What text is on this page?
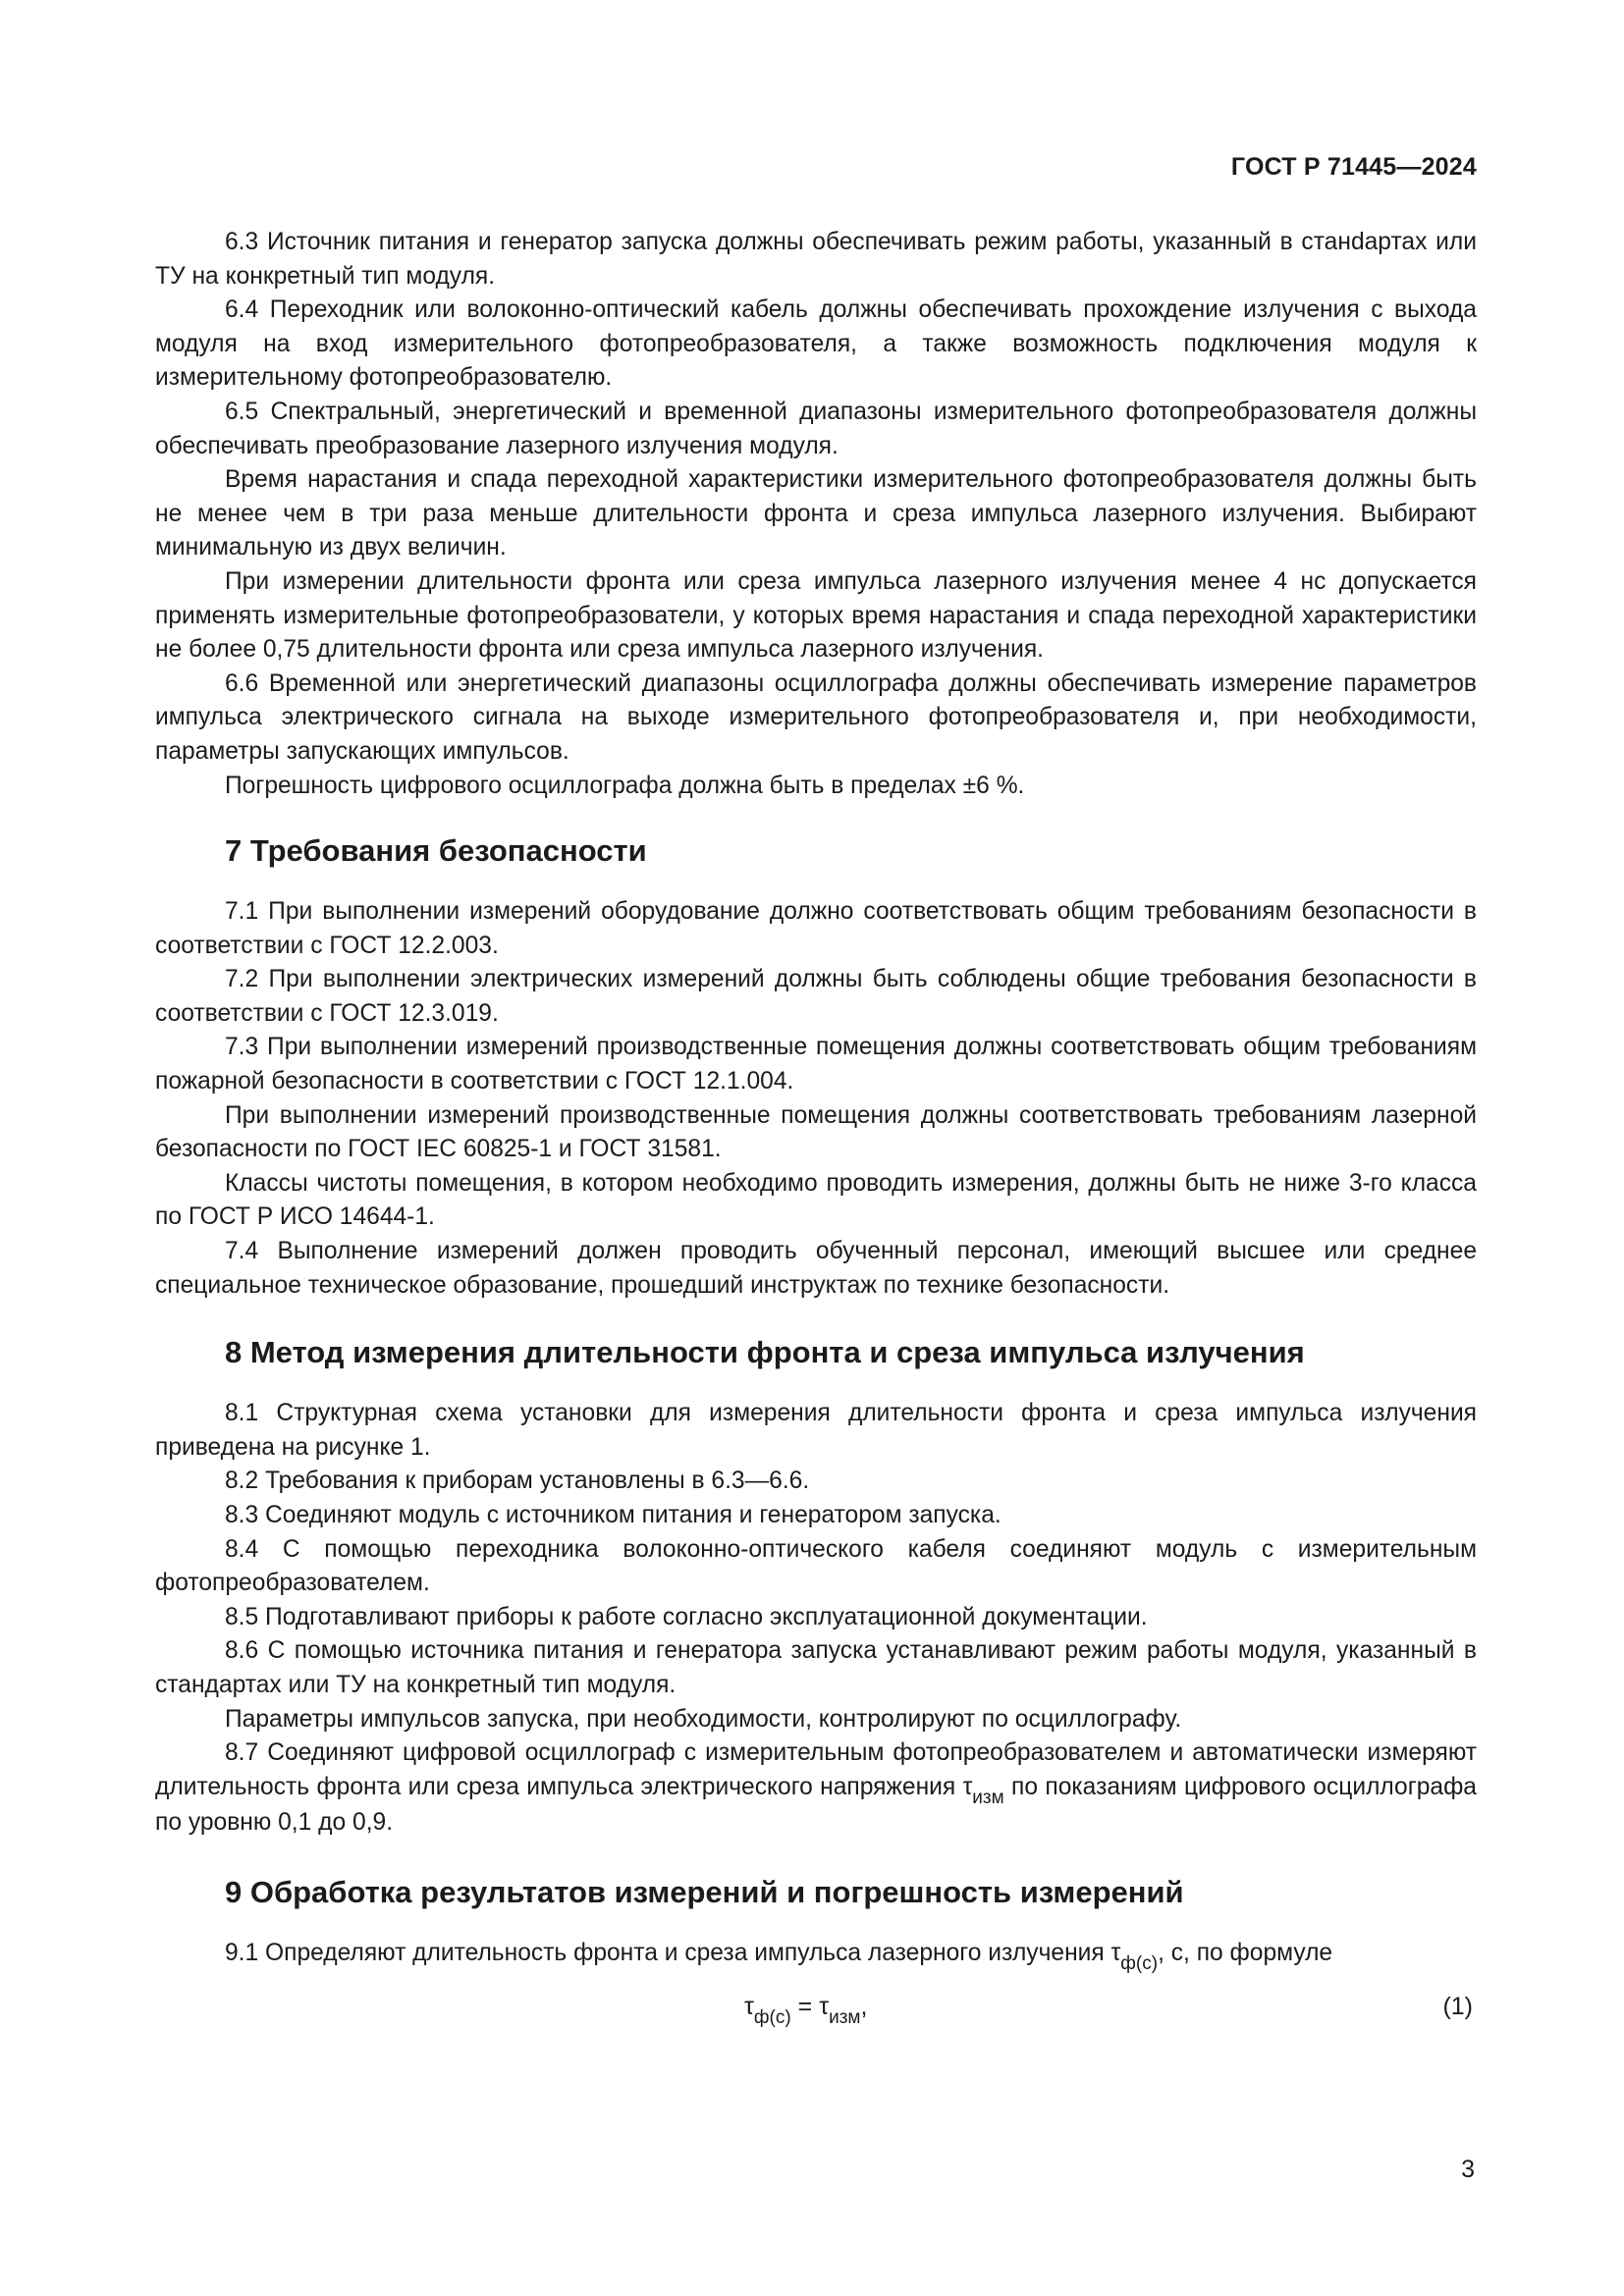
ГОСТ Р 71445—2024

6.3 Источник питания и генератор запуска должны обеспечивать режим работы, указанный в станdартах или ТУ на конкретный тип модуля.

6.4 Переходник или волоконно-оптический кабель должны обеспечивать прохождение излучения с выхода модуля на вход измерительного фотопреобразователя, а также возможность подключения модуля к измерительному фотопреобразователю.

6.5 Спектральный, энергетический и временной диапазоны измерительного фотопреобразователя должны обеспечивать преобразование лазерного излучения модуля.

Время нарастания и спада переходной характеристики измерительного фотопреобразователя должны быть не менее чем в три раза меньше длительности фронта и среза импульса лазерного излучения. Выбирают минимальную из двух величин.

При измерении длительности фронта или среза импульса лазерного излучения менее 4 нс допускается применять измерительные фотопреобразователи, у которых время нарастания и спада переходной характеристики не более 0,75 длительности фронта или среза импульса лазерного излучения.

6.6 Временной или энергетический диапазоны осциллографа должны обеспечивать измерение параметров импульса электрического сигнала на выходе измерительного фотопреобразователя и, при необходимости, параметры запускающих импульсов.

Погрешность цифрового осциллографа должна быть в пределах ±6 %.

7 Требования безопасности

7.1 При выполнении измерений оборудование должно соответствовать общим требованиям безопасности в соответствии с ГОСТ 12.2.003.

7.2 При выполнении электрических измерений должны быть соблюдены общие требования безопасности в соответствии с ГОСТ 12.3.019.

7.3 При выполнении измерений производственные помещения должны соответствовать общим требованиям пожарной безопасности в соответствии с ГОСТ 12.1.004.

При выполнении измерений производственные помещения должны соответствовать требованиям лазерной безопасности по ГОСТ IEC 60825-1 и ГОСТ 31581.

Классы чистоты помещения, в котором необходимо проводить измерения, должны быть не ниже 3-го класса по ГОСТ Р ИСО 14644-1.

7.4 Выполнение измерений должен проводить обученный персонал, имеющий высшее или среднее специальное техническое образование, прошедший инструктаж по технике безопасности.

8 Метод измерения длительности фронта и среза импульса излучения

8.1 Структурная схема установки для измерения длительности фронта и среза импульса излучения приведена на рисунке 1.

8.2 Требования к приборам установлены в 6.3—6.6.

8.3 Соединяют модуль с источником питания и генератором запуска.

8.4 С помощью переходника волоконно-оптического кабеля соединяют модуль с измерительным фотопреобразователем.

8.5 Подготавливают приборы к работе согласно эксплуатационной документации.

8.6 С помощью источника питания и генератора запуска устанавливают режим работы модуля, указанный в стандартах или ТУ на конкретный тип модуля.

Параметры импульсов запуска, при необходимости, контролируют по осциллографу.

8.7 Соединяют цифровой осциллограф с измерительным фотопреобразователем и автоматически измеряют длительность фронта или среза импульса электрического напряжения $\tau_{изм}$ по показаниям цифрового осциллографа по уровню 0,1 до 0,9.

9 Обработка результатов измерений и погрешность измерений

9.1 Определяют длительность фронта и среза импульса лазерного излучения $\tau_{ф(с)}$, с, по формуле

$\tau_{ф(с)} = \tau_{изм}$,	(1)
3
